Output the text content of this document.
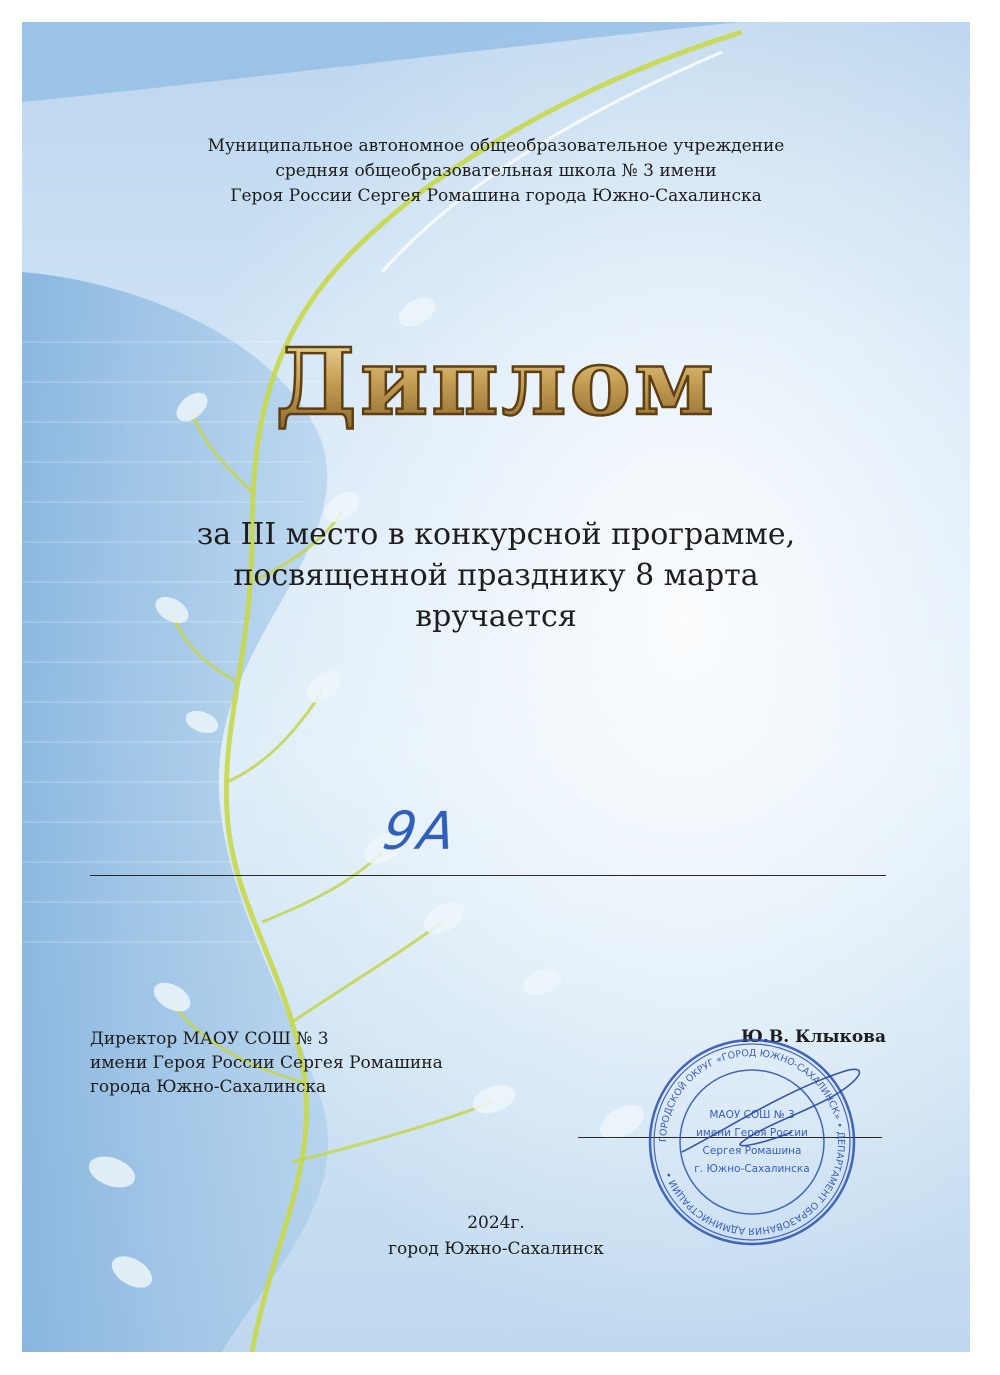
Муниципальное автономное общеобразовательное учреждение
средняя общеобразовательная школа № 3 имени
Героя России Сергея Ромашина города Южно-Сахалинска
Диплом
за III место в конкурсной программе,
посвященной празднику 8 марта
вручается
9А
Директор МАОУ СОШ № 3
имени Героя России Сергея Ромашина
города Южно-Сахалинска
Ю.В. Клыкова
ГОРОДСКОЙ ОКРУГ «ГОРОД ЮЖНО-САХАЛИНСК» • ДЕПАРТАМЕНТ ОБРАЗОВАНИЯ АДМИНИСТРАЦИИ •
МАОУ СОШ № 3
имени Героя России
Сергея Ромашина
г. Южно-Сахалинска
2024г.
город Южно-Сахалинск
